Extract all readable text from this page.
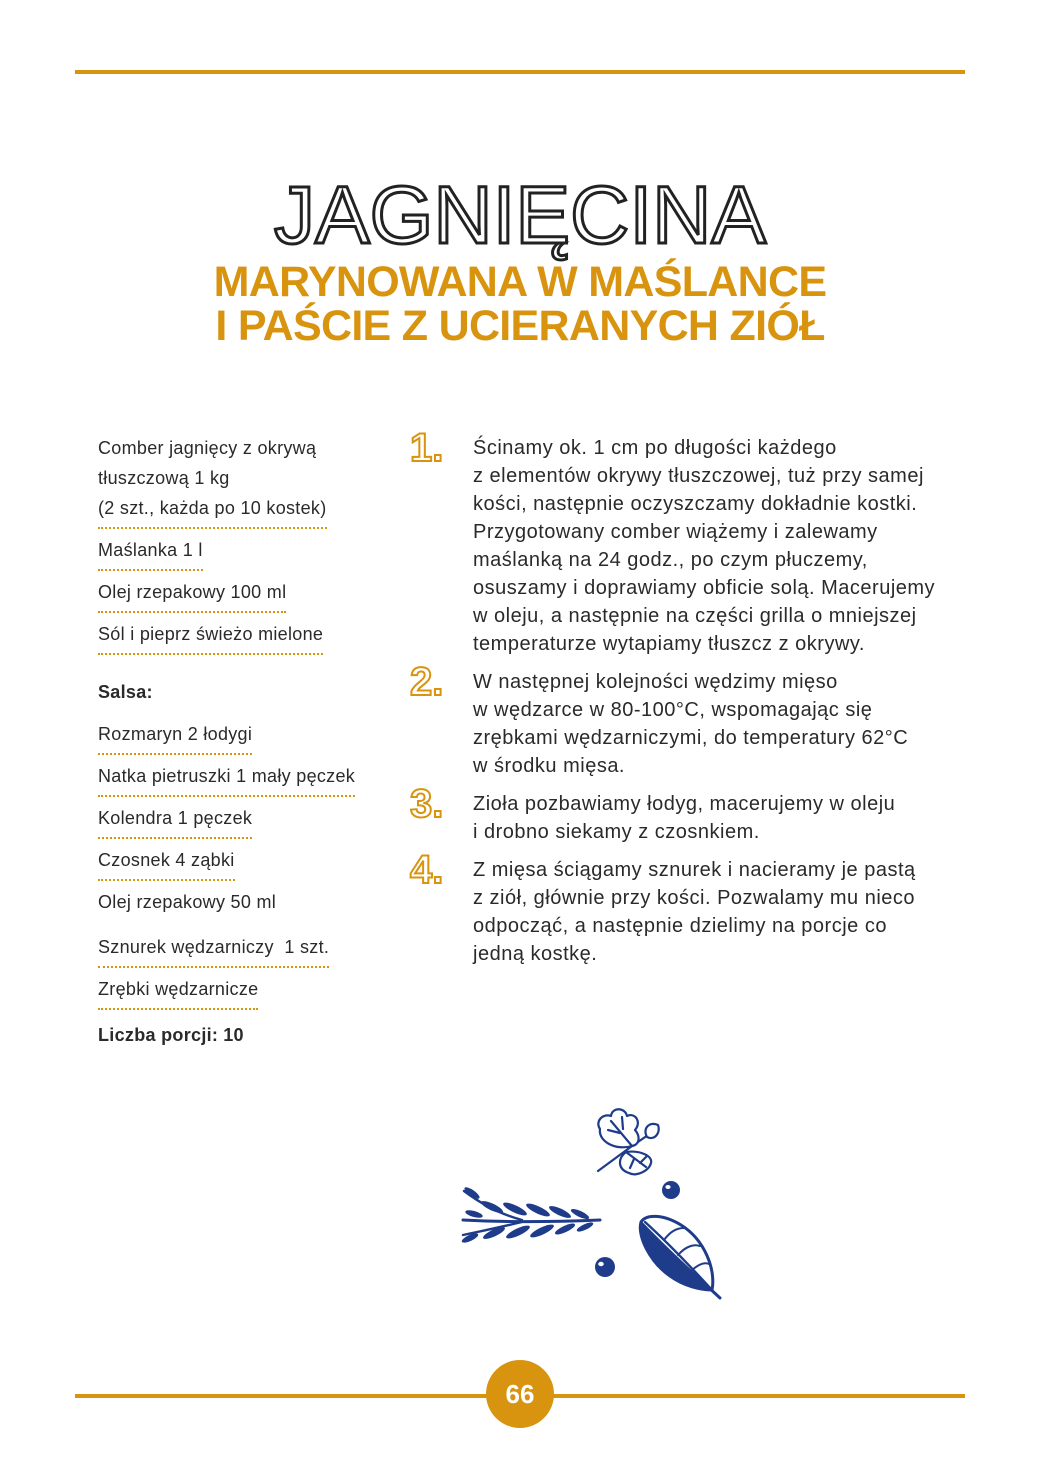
JAGNIĘCINA
MARYNOWANA W MAŚLANCE
I PAŚCIE Z UCIERANYCH ZIÓŁ
Comber jagnięcy z okrywą
tłuszczową 1 kg
(2 szt., każda po 10 kostek)
Maślanka 1 l
Olej rzepakowy 100 ml
Sól i pieprz świeżo mielone
Salsa:
Rozmaryn 2 łodygi
Natka pietruszki 1 mały pęczek
Kolendra 1 pęczek
Czosnek 4 ząbki
Olej rzepakowy 50 ml
Sznurek wędzarniczy  1 szt.
Zrębki wędzarnicze
Liczba porcji: 10
1.	Ścinamy ok. 1 cm po długości każdego
z elementów okrywy tłuszczowej, tuż przy samej
kości, następnie oczyszczamy dokładnie kostki.
Przygotowany comber wiążemy i zalewamy
maślanką na 24 godz., po czym płuczemy,
osuszamy i doprawiamy obficie solą. Macerujemy
w oleju, a następnie na części grilla o mniejszej
temperaturze wytapiamy tłuszcz z okrywy.
2.	W następnej kolejności wędzimy mięso
w wędzarce w 80-100°C, wspomagając się
zrębkami wędzarniczymi, do temperatury 62°C
w środku mięsa.
3.	Zioła pozbawiamy łodyg, macerujemy w oleju
i drobno siekamy z czosnkiem.
4.	Z mięsa ściągamy sznurek i nacieramy je pastą
z ziół, głównie przy kości. Pozwalamy mu nieco
odpocząć, a następnie dzielimy na porcje co
jedną kostkę.
66
